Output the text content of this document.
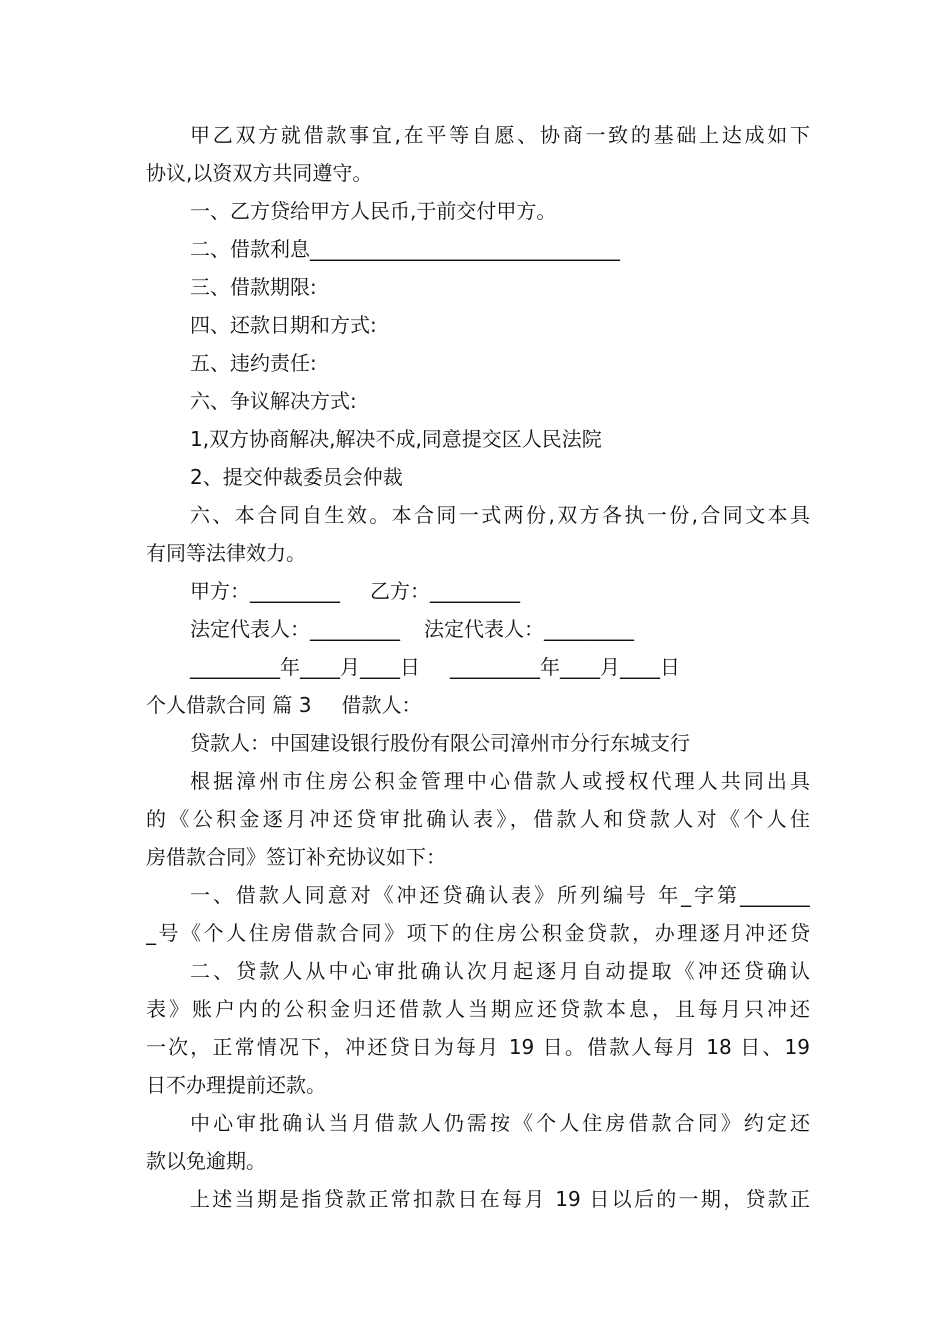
甲乙双方就借款事宜,在平等自愿、协商一致的基础上达成如下
协议,以资双方共同遵守。
一、乙方贷给甲方人民币,于前交付甲方。
二、借款利息_______________________________
三、借款期限:
四、还款日期和方式:
五、违约责任:
六、争议解决方式:
1,双方协商解决,解决不成,同意提交区人民法院
2、提交仲裁委员会仲裁
六、本合同自生效。本合同一式两份,双方各执一份,合同文本具
有同等法律效力。
甲方：_________ 乙方：_________
法定代表人：_________ 法定代表人：_________
_________年____月____日 _________年____月____日
个人借款合同 篇 3 借款人：
贷款人：中国建设银行股份有限公司漳州市分行东城支行
根据漳州市住房公积金管理中心借款人或授权代理人共同出具
的《公积金逐月冲还贷审批确认表》，借款人和贷款人对《个人住
房借款合同》签订补充协议如下：
一、借款人同意对《冲还贷确认表》所列编号 年_字第_______
_号《个人住房借款合同》项下的住房公积金贷款，办理逐月冲还贷
二、贷款人从中心审批确认次月起逐月自动提取《冲还贷确认
表》账户内的公积金归还借款人当期应还贷款本息，且每月只冲还
一次，正常情况下，冲还贷日为每月 19 日。借款人每月 18 日、19
日不办理提前还款。
中心审批确认当月借款人仍需按《个人住房借款合同》约定还
款以免逾期。
上述当期是指贷款正常扣款日在每月 19 日以后的一期，贷款正
